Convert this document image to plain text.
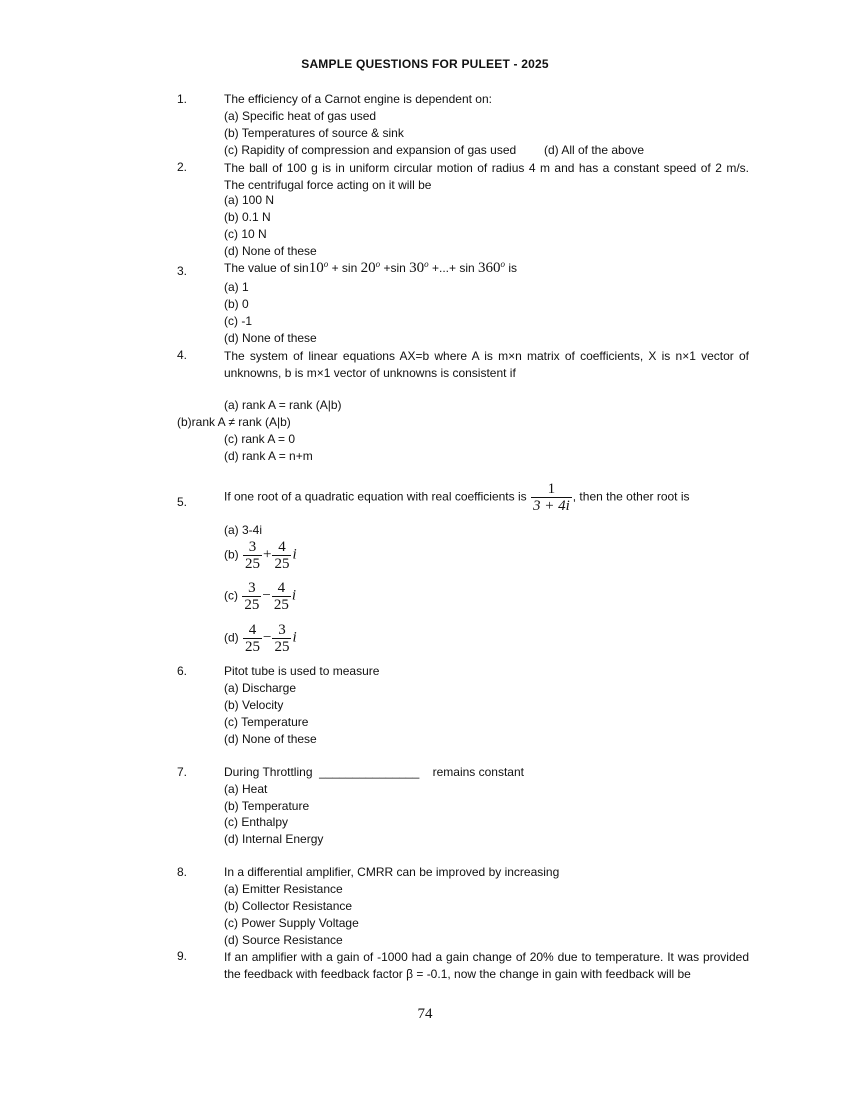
SAMPLE QUESTIONS FOR PULEET - 2025
1.	The efficiency of a Carnot engine is dependent on:
(a) Specific heat of gas used
(b) Temperatures of source & sink
(c) Rapidity of compression and expansion of gas used (d) All of the above
2.	The ball of 100 g is in uniform circular motion of radius 4 m and has a constant speed of 2 m/s. The centrifugal force acting on it will be
(a) 100 N
(b) 0.1 N
(c) 10 N
(d) None of these
3.	The value of $\sin 10^o + \sin 20^o +\sin$ $30^o$ +...+ sin 360$^o$ is
(a) 1
(b) 0
(c) -1
(d) None of these
4.	The system of linear equations AX=b where A is m×n matrix of coefficients, X is n×1 vector of unknowns, b is m×1 vector of unknowns is consistent if
(a) rank A = rank (A|b)
(b)rank A ≠ rank (A|b)
(c) rank A = 0
(d) rank A = n+m
5.	If one root of a quadratic equation with real coefficients is $\frac{1}{3 + 4i}$ , then the other root is
(a) 3-4i
$(b) \frac{3}{25} + \frac{4}{25}$ i
$(c) \frac{3}{25} - \frac{4}{25}$ i
$(d) \frac{4}{25} - \frac{3}{25}$ i
6.	Pitot tube is used to measure
(a) Discharge
(b) Velocity
(c) Temperature
(d) None of these
7.	During Throttling  _______________    remains constant
(a) Heat
(b) Temperature
(c) Enthalpy
(d) Internal Energy
8.	In a differential amplifier, CMRR can be improved by increasing
(a) Emitter Resistance
(b) Collector Resistance
(c) Power Supply Voltage
(d) Source Resistance
9.	If an amplifier with a gain of -1000 had a gain change of 20% due to temperature. It was provided the feedback with feedback factor β = -0.1, now the change in gain with feedback will be
74
